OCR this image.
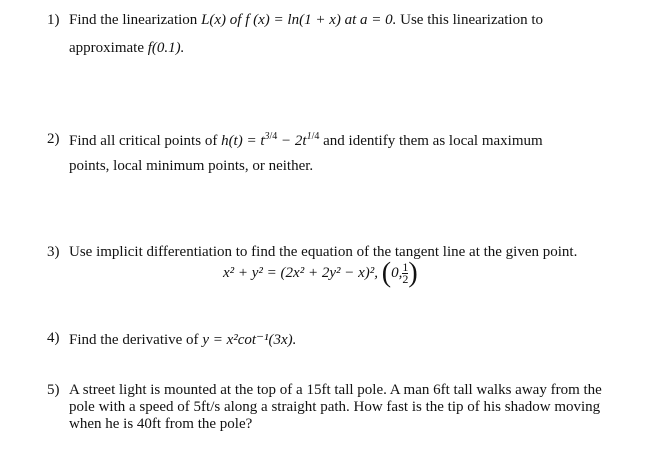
1) Find the linearization L(x) of f (x) = ln(1 + x) at a = 0. Use this linearization to
approximate f(0.1).
2) Find all critical points of $h(t) = t^{3/4} - 2t^{1/4}$ and identify them as local maximum
points, local minimum points, or neither.
3) Use implicit differentiation to find the equation of the tangent line at the given point.
x² + y² = (2x² + 2y² − x)², (0, $\frac{1}{2}$ )
4) Find the derivative of y = x²cot⁻¹(3x).
5) A street light is mounted at the top of a 15ft tall pole. A man 6ft tall walks away from the
pole with a speed of 5ft/s along a straight path. How fast is the tip of his shadow moving
when he is 40ft from the pole?
